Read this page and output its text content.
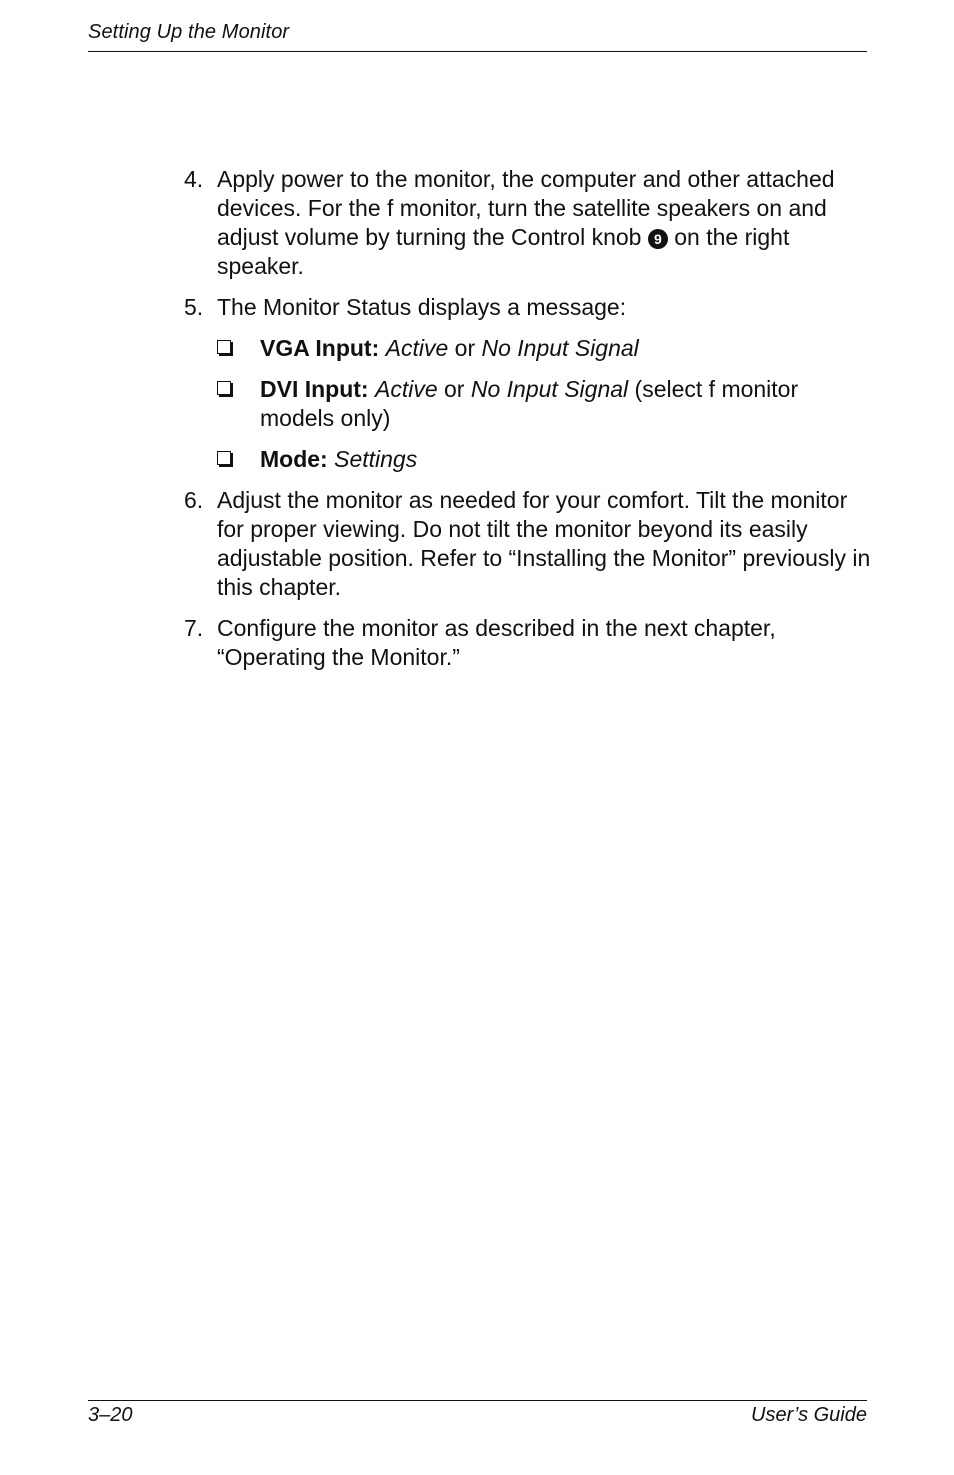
Setting Up the Monitor
4. Apply power to the monitor, the computer and other attached devices. For the f monitor, turn the satellite speakers on and adjust volume by turning the Control knob 9 on the right speaker.
5. The Monitor Status displays a message:
VGA Input: Active or No Input Signal
DVI Input: Active or No Input Signal (select f monitor models only)
Mode: Settings
6. Adjust the monitor as needed for your comfort. Tilt the monitor for proper viewing. Do not tilt the monitor beyond its easily adjustable position. Refer to “Installing the Monitor” previously in this chapter.
7. Configure the monitor as described in the next chapter, “Operating the Monitor.”
3–20	User’s Guide
